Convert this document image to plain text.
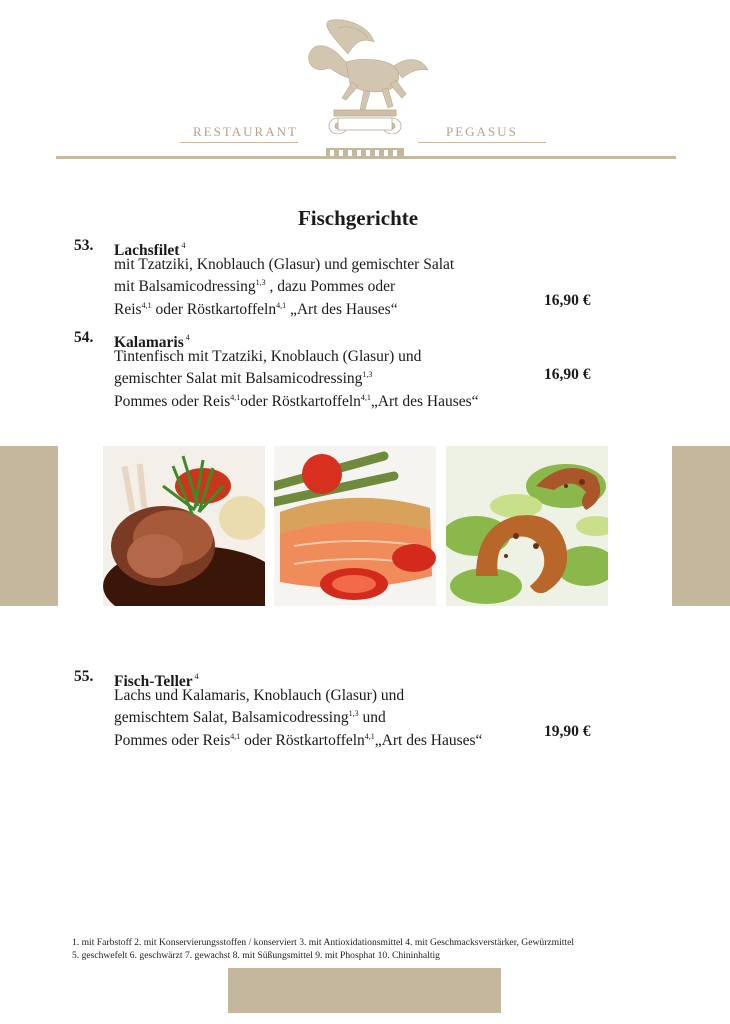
RESTAURANT	PEGASUS
Fischgerichte
53. Lachsfilet $^4$
mit Tzatziki, Knoblauch (Glasur) und gemischter Salat
mit Balsamicodressing$^{1,3}$ , dazu Pommes oder
Reis$^{4,1}$ oder Röstkartoffeln$^{4,1}$ „Art des Hauses“	16,90 €
54. Kalamaris $^4$
Tintenfisch mit Tzatziki, Knoblauch (Glasur) und
gemischter Salat mit Balsamicodressing$^{1,3}$
Pommes oder Reis$^{4,1}$oder Röstkartoffeln$^{4,1}$„Art des Hauses“
16,90 €
55. Fisch-Teller $^4$
Lachs und Kalamaris, Knoblauch (Glasur) und
gemischtem Salat, Balsamicodressing$^{1,3}$ und
Pommes oder Reis$^{4,1}$ oder Röstkartoffeln$^{4,1}$„Art des Hauses“	19,90 €
1. mit Farbstoff 2. mit Konservierungsstoffen / konserviert 3. mit Antioxidationsmittel 4. mit Geschmacksverstärker, Gewürzmittel
5. geschwefelt 6. geschwärzt 7. gewachst 8. mit Süßungsmittel 9. mit Phosphat 10. Chininhaltig
